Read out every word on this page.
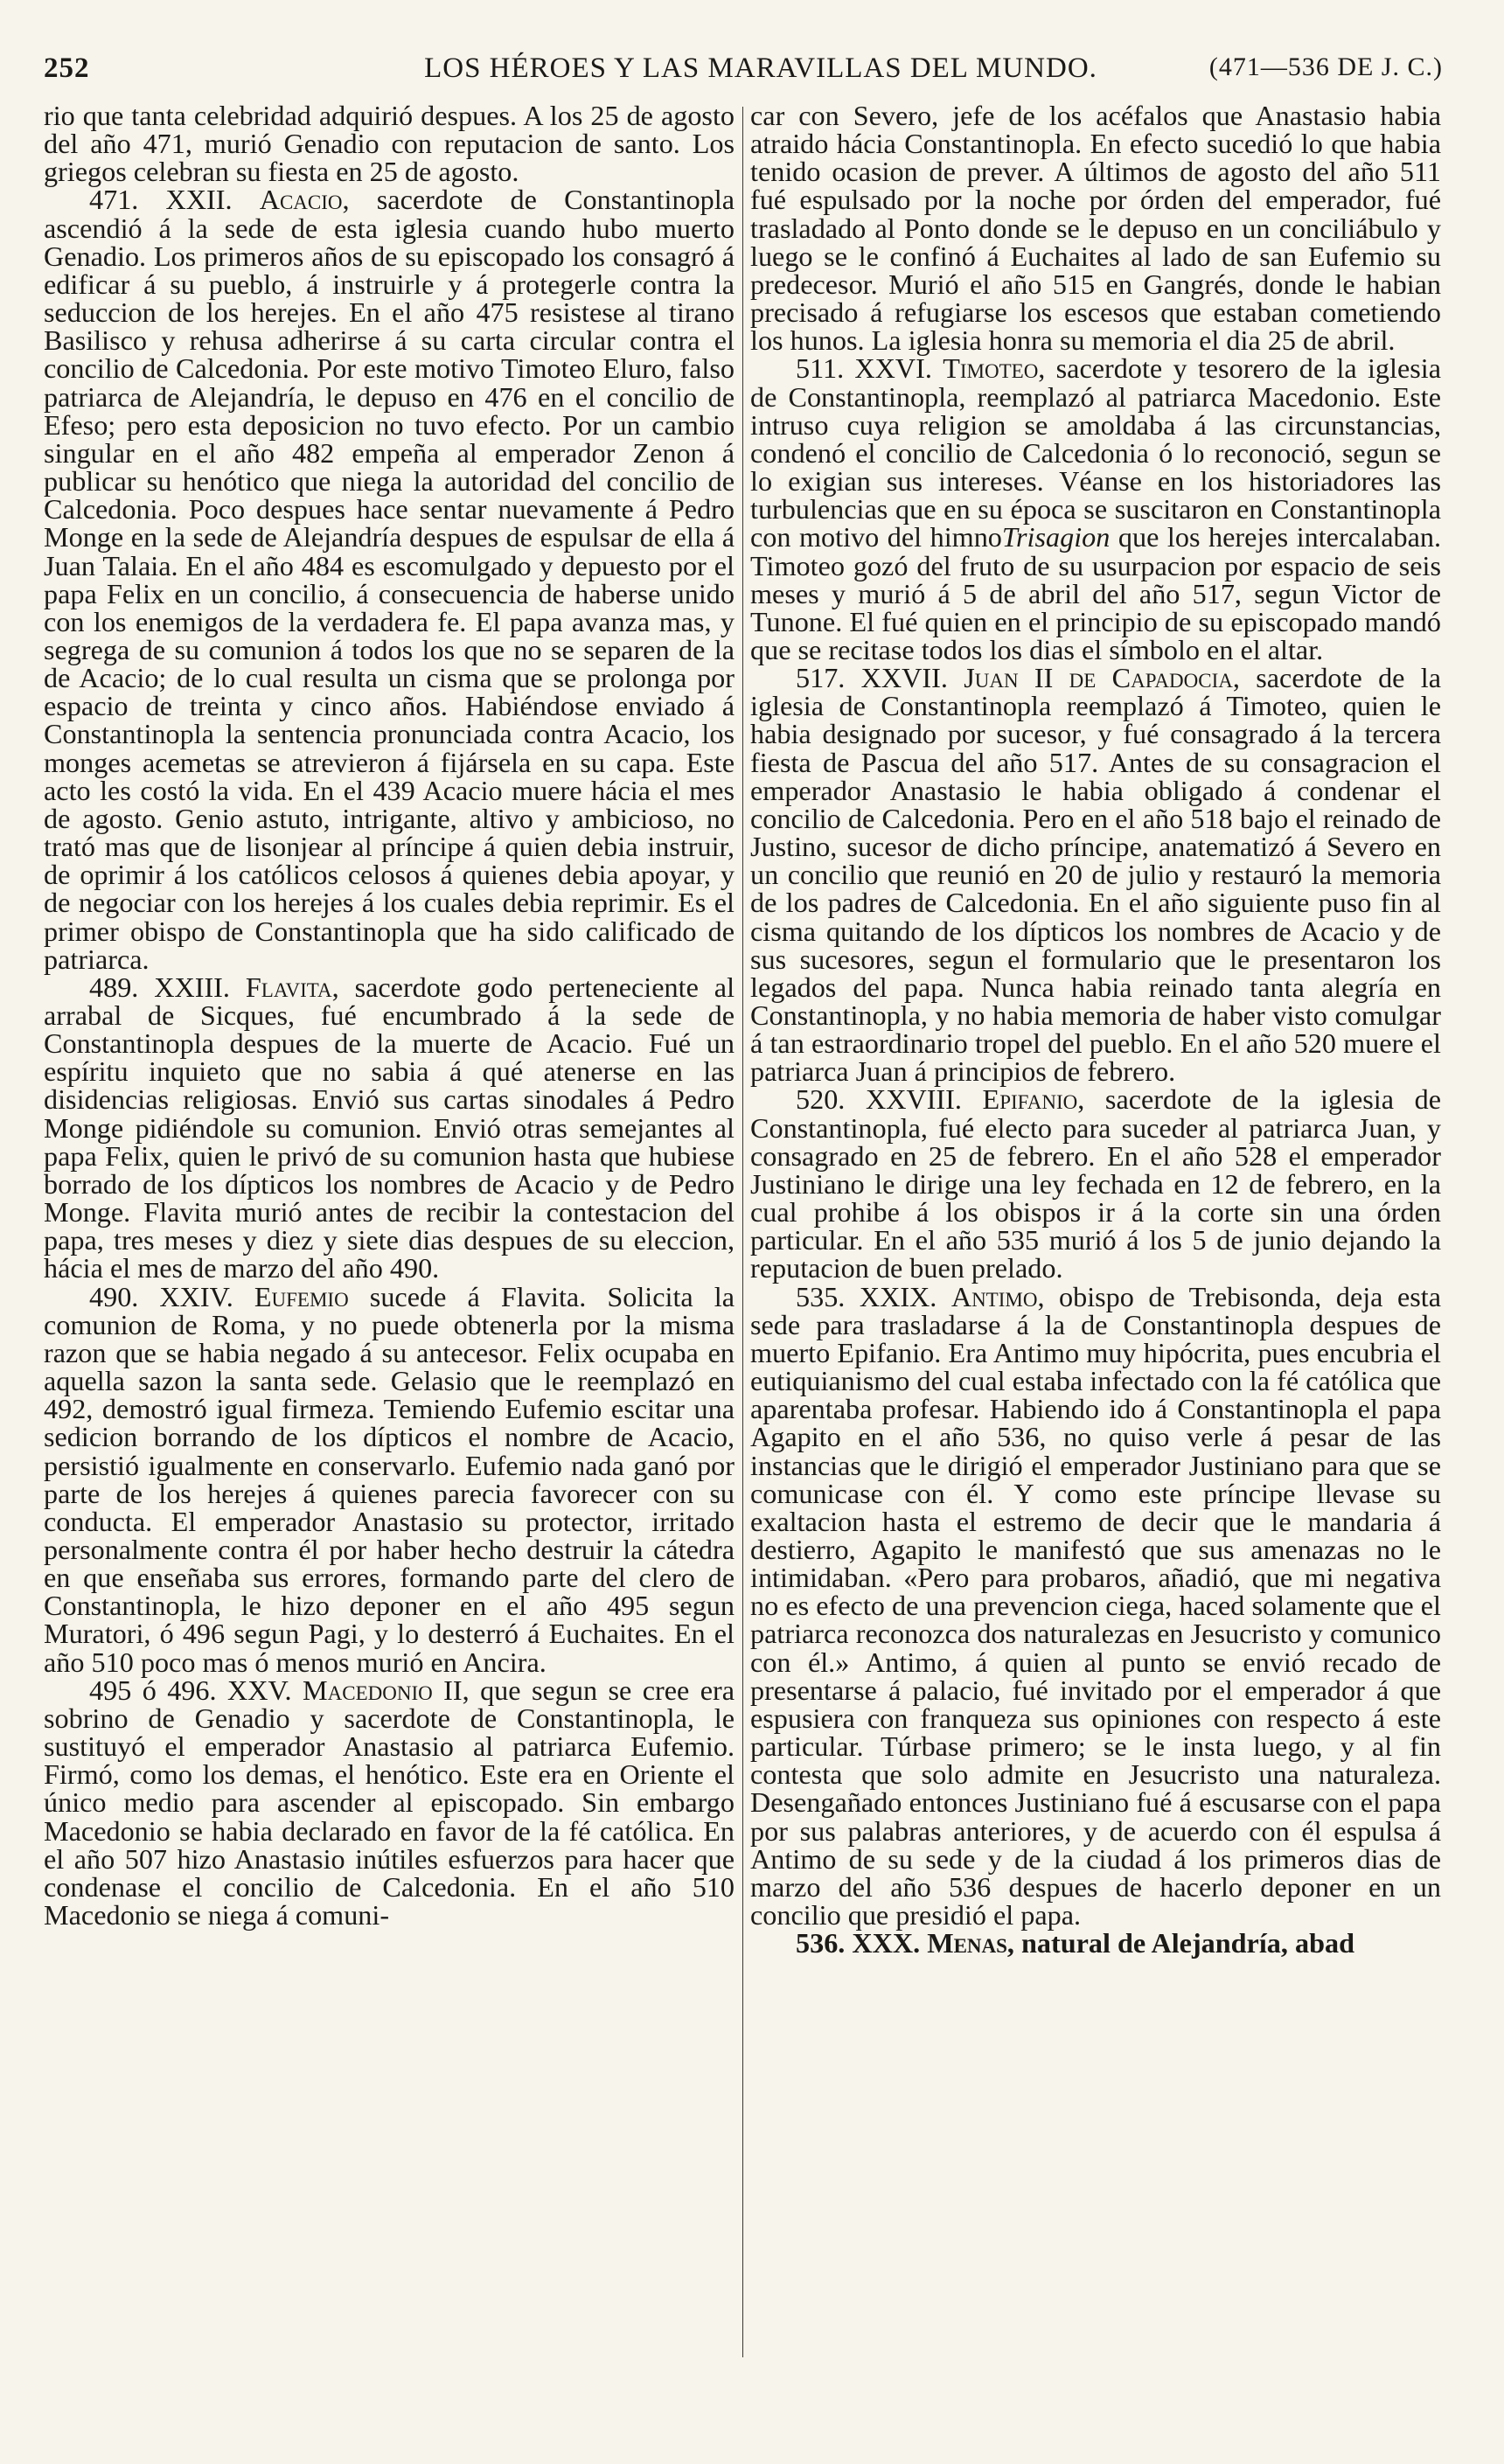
252	LOS HÉROES Y LAS MARAVILLAS DEL MUNDO.	(471—536 DE J. C.)

rio que tanta celebridad adquirió despues. A los 25 de agosto del año 471, murió Genadio con reputacion de santo. Los griegos celebran su fiesta en 25 de agosto.

471. XXII. Acacio, sacerdote de Constantinopla ascendió á la sede de esta iglesia cuando hubo muerto Genadio. Los primeros años de su episcopado los consagró á edificar á su pueblo, á instruirle y á protegerle contra la seduccion de los herejes. En el año 475 resistese al tirano Basilisco y rehusa adherirse á su carta circular contra el concilio de Calcedonia. Por este motivo Timoteo Eluro, falso patriarca de Alejandría, le depuso en 476 en el concilio de Efeso; pero esta deposicion no tuvo efecto. Por un cambio singular en el año 482 empeña al emperador Zenon á publicar su henótico que niega la autoridad del concilio de Calcedonia. Poco despues hace sentar nuevamente á Pedro Monge en la sede de Alejandría despues de espulsar de ella á Juan Talaia. En el año 484 es escomulgado y depuesto por el papa Felix en un concilio, á consecuencia de haberse unido con los enemigos de la verdadera fe. El papa avanza mas, y segrega de su comunion á todos los que no se separen de la de Acacio; de lo cual resulta un cisma que se prolonga por espacio de treinta y cinco años. Habiéndose enviado á Constantinopla la sentencia pronunciada contra Acacio, los monges acemetas se atrevieron á fijársela en su capa. Este acto les costó la vida. En el 439 Acacio muere hácia el mes de agosto. Genio astuto, intrigante, altivo y ambicioso, no trató mas que de lisonjear al príncipe á quien debia instruir, de oprimir á los católicos celosos á quienes debia apoyar, y de negociar con los herejes á los cuales debia reprimir. Es el primer obispo de Constantinopla que ha sido calificado de patriarca.

489. XXIII. Flavita, sacerdote godo perteneciente al arrabal de Sicques, fué encumbrado á la sede de Constantinopla despues de la muerte de Acacio. Fué un espíritu inquieto que no sabia á qué atenerse en las disidencias religiosas. Envió sus cartas sinodales á Pedro Monge pidiéndole su comunion. Envió otras semejantes al papa Felix, quien le privó de su comunion hasta que hubiese borrado de los dípticos los nombres de Acacio y de Pedro Monge. Flavita murió antes de recibir la contestacion del papa, tres meses y diez y siete dias despues de su eleccion, hácia el mes de marzo del año 490.

490. XXIV. Eufemio sucede á Flavita. Solicita la comunion de Roma, y no puede obtenerla por la misma razon que se habia negado á su antecesor. Felix ocupaba en aquella sazon la santa sede. Gelasio que le reemplazó en 492, demostró igual firmeza. Temiendo Eufemio escitar una sedicion borrando de los dípticos el nombre de Acacio, persistió igualmente en conservarlo. Eufemio nada ganó por parte de los herejes á quienes parecia favorecer con su conducta. El emperador Anastasio su protector, irritado personalmente contra él por haber hecho destruir la cátedra en que enseñaba sus errores, formando parte del clero de Constantinopla, le hizo deponer en el año 495 segun Muratori, ó 496 segun Pagi, y lo desterró á Euchaites. En el año 510 poco mas ó menos murió en Ancira.

495 ó 496. XXV. Macedonio II, que segun se cree era sobrino de Genadio y sacerdote de Constantinopla, le sustituyó el emperador Anastasio al patriarca Eufemio. Firmó, como los demas, el henótico. Este era en Oriente el único medio para ascender al episcopado. Sin embargo Macedonio se habia declarado en favor de la fé católica. En el año 507 hizo Anastasio inútiles esfuerzos para hacer que condenase el concilio de Calcedonia. En el año 510 Macedonio se niega á comuni-

car con Severo, jefe de los acéfalos que Anastasio habia atraido hácia Constantinopla. En efecto sucedió lo que habia tenido ocasion de prever. A últimos de agosto del año 511 fué espulsado por la noche por órden del emperador, fué trasladado al Ponto donde se le depuso en un conciliábulo y luego se le confinó á Euchaites al lado de san Eufemio su predecesor. Murió el año 515 en Gangrés, donde le habian precisado á refugiarse los escesos que estaban cometiendo los hunos. La iglesia honra su memoria el dia 25 de abril.

511. XXVI. Timoteo, sacerdote y tesorero de la iglesia de Constantinopla, reemplazó al patriarca Macedonio. Este intruso cuya religion se amoldaba á las circunstancias, condenó el concilio de Calcedonia ó lo reconoció, segun se lo exigian sus intereses. Véanse en los historiadores las turbulencias que en su época se suscitaron en Constantinopla con motivo del himnoTrisagion que los herejes intercalaban. Timoteo gozó del fruto de su usurpacion por espacio de seis meses y murió á 5 de abril del año 517, segun Victor de Tunone. El fué quien en el principio de su episcopado mandó que se recitase todos los dias el símbolo en el altar.

517. XXVII. Juan II de Capadocia, sacerdote de la iglesia de Constantinopla reemplazó á Timoteo, quien le habia designado por sucesor, y fué consagrado á la tercera fiesta de Pascua del año 517. Antes de su consagracion el emperador Anastasio le habia obligado á condenar el concilio de Calcedonia. Pero en el año 518 bajo el reinado de Justino, sucesor de dicho príncipe, anatematizó á Severo en un concilio que reunió en 20 de julio y restauró la memoria de los padres de Calcedonia. En el año siguiente puso fin al cisma quitando de los dípticos los nombres de Acacio y de sus sucesores, segun el formulario que le presentaron los legados del papa. Nunca habia reinado tanta alegría en Constantinopla, y no habia memoria de haber visto comulgar á tan estraordinario tropel del pueblo. En el año 520 muere el patriarca Juan á principios de febrero.

520. XXVIII. Epifanio, sacerdote de la iglesia de Constantinopla, fué electo para suceder al patriarca Juan, y consagrado en 25 de febrero. En el año 528 el emperador Justiniano le dirige una ley fechada en 12 de febrero, en la cual prohibe á los obispos ir á la corte sin una órden particular. En el año 535 murió á los 5 de junio dejando la reputacion de buen prelado.

535. XXIX. Antimo, obispo de Trebisonda, deja esta sede para trasladarse á la de Constantinopla despues de muerto Epifanio. Era Antimo muy hipócrita, pues encubria el eutiquianismo del cual estaba infectado con la fé católica que aparentaba profesar. Habiendo ido á Constantinopla el papa Agapito en el año 536, no quiso verle á pesar de las instancias que le dirigió el emperador Justiniano para que se comunicase con él. Y como este príncipe llevase su exaltacion hasta el estremo de decir que le mandaria á destierro, Agapito le manifestó que sus amenazas no le intimidaban. «Pero para probaros, añadió, que mi negativa no es efecto de una prevencion ciega, haced solamente que el patriarca reconozca dos naturalezas en Jesucristo y comunico con él.» Antimo, á quien al punto se envió recado de presentarse á palacio, fué invitado por el emperador á que espusiera con franqueza sus opiniones con respecto á este particular. Túrbase primero; se le insta luego, y al fin contesta que solo admite en Jesucristo una naturaleza. Desengañado entonces Justiniano fué á escusarse con el papa por sus palabras anteriores, y de acuerdo con él espulsa á Antimo de su sede y de la ciudad á los primeros dias de marzo del año 536 despues de hacerlo deponer en un concilio que presidió el papa.

536. XXX. Menas, natural de Alejandría, abad
